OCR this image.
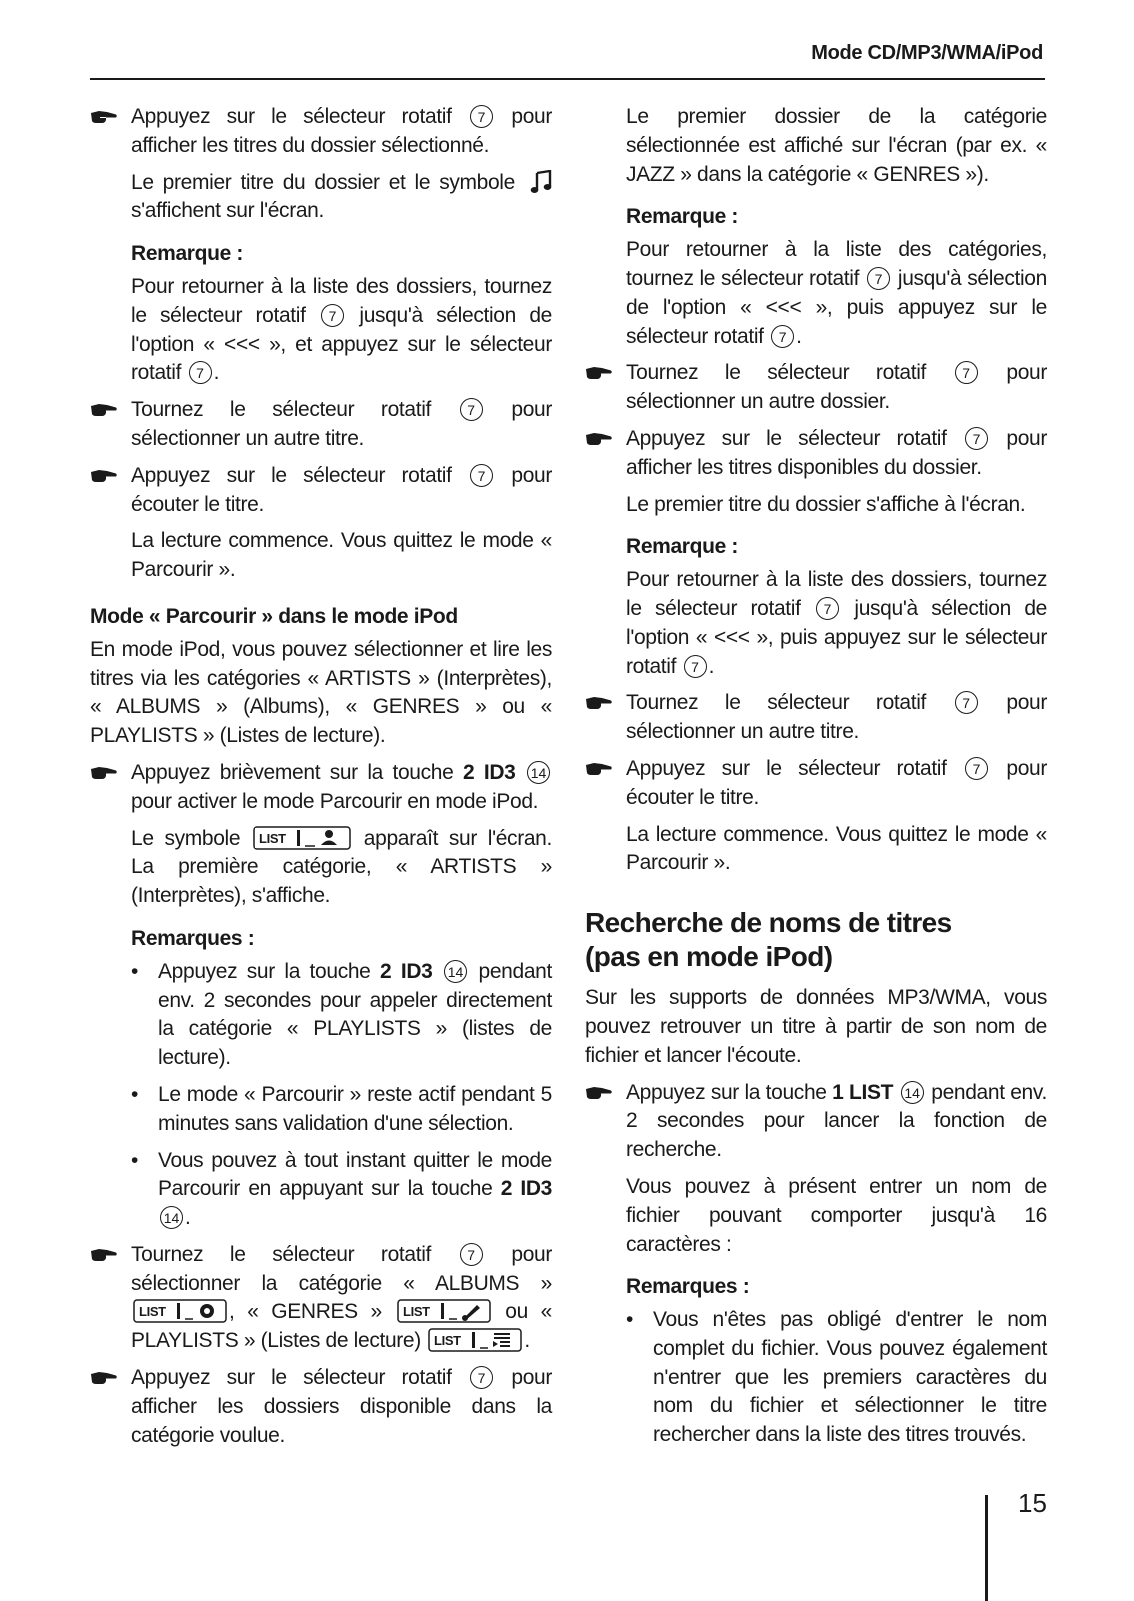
Mode CD/MP3/WMA/iPod
Appuyez sur le sélecteur rotatif 7 pour afficher les titres du dossier sélectionné.
Le premier titre du dossier et le symbole  s'affichent sur l'écran.
Remarque :
Pour retourner à la liste des dossiers, tournez le sélecteur rotatif 7 jusqu'à sélection de l'option « <<< », et appuyez sur le sélecteur rotatif 7 .
Tournez le sélecteur rotatif	7 pour sélectionner un autre titre.
Appuyez sur le sélecteur rotatif 7 pour écouter le titre.
La lecture commence. Vous quittez le mode « Parcourir ».
Mode « Parcourir » dans le mode iPod
En mode iPod, vous pouvez sélectionner et lire les titres via les catégories « ARTISTS » (Interprètes), « ALBUMS » (Albums), « GENRES » ou « PLAYLISTS » (Listes de lecture).
Appuyez brièvement sur la touche 2 ID3 14 pour activer le mode Parcourir en mode iPod.
Le symbole LIST	apparaît sur l'écran. La première catégorie, « ARTISTS » (Interprètes), s'affiche.
Remarques :
• Appuyez sur la touche 2 ID3 14 pendant env. 2 secondes pour appeler directement la catégorie « PLAYLISTS » (listes de lecture).
• Le mode « Parcourir » reste actif pendant 5 minutes sans validation d'une sélection.
• Vous pouvez à tout instant quitter le mode Parcourir en appuyant sur la touche 2 ID3 14 .
Tournez le sélecteur rotatif	7 pour sélectionner la catégorie « ALBUMS »
LIST	, « GENRES » LIST	ou « PLAYLISTS » (Listes de lecture) LIST	.
Appuyez sur le sélecteur rotatif 7 pour afficher les dossiers disponible dans la catégorie voulue.
Le premier dossier de la catégorie sélectionnée est affiché sur l'écran (par ex. « JAZZ » dans la catégorie « GENRES »).
Remarque :
Pour retourner à la liste des catégories, tournez le sélecteur rotatif 7 jusqu'à sélection de l'option « <<< », puis appuyez sur le sélecteur rotatif 7 .
Tournez le sélecteur rotatif	7 pour sélectionner un autre dossier.
Appuyez sur le sélecteur rotatif 7 pour afficher les titres disponibles du dossier.
Le premier titre du dossier s'affiche à l'écran.
Remarque :
Pour retourner à la liste des dossiers, tournez le sélecteur rotatif 7 jusqu'à sélection de l'option « <<< », puis appuyez sur le sélecteur rotatif 7 .
Tournez le sélecteur rotatif	7 pour sélectionner un autre titre.
Appuyez sur le sélecteur rotatif 7 pour écouter le titre.
La lecture commence. Vous quittez le mode « Parcourir ».
Recherche de noms de titres
(pas en mode iPod)
Sur les supports de données MP3/WMA, vous pouvez retrouver un titre à partir de son nom de fichier et lancer l'écoute.
Appuyez sur la touche 1 LIST 14 pendant env. 2 secondes pour lancer la fonction de recherche.
Vous pouvez à présent entrer un nom de fichier pouvant comporter jusqu'à 16 caractères :
Remarques :
• Vous n'êtes pas obligé d'entrer le nom complet du fichier. Vous pouvez également n'entrer que les premiers caractères du nom du fichier et sélectionner le titre rechercher dans la liste des titres trouvés.
15
